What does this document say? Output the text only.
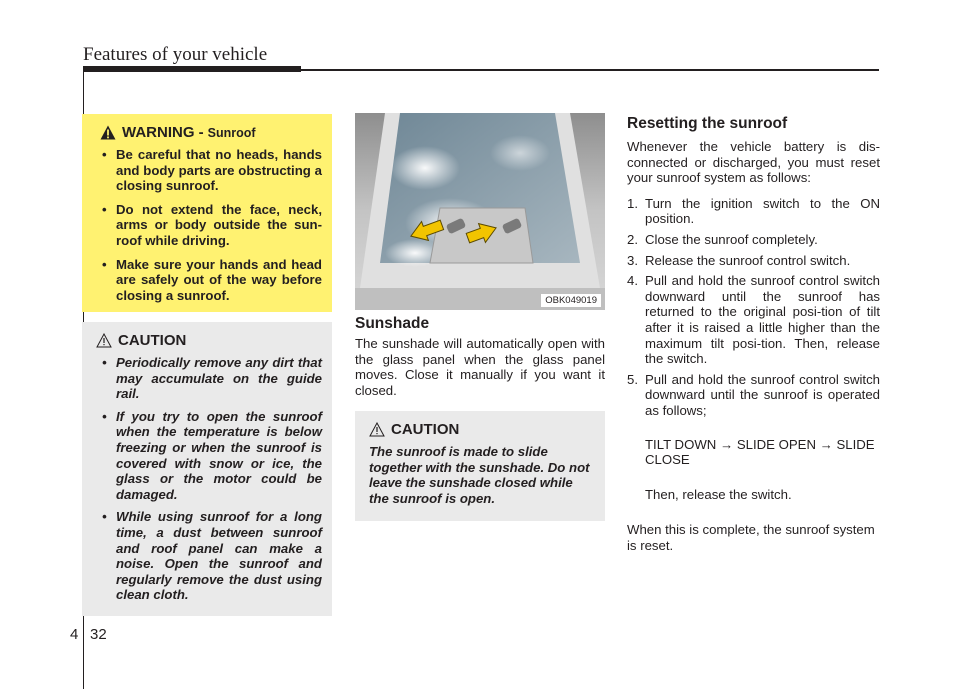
Features of your vehicle
4 32
WARNING - Sunroof
• Be careful that no heads, hands and body parts are obstructing a closing sunroof.
• Do not extend the face, neck, arms or body outside the sun-roof while driving.
• Make sure your hands and head are safely out of the way before closing a sunroof.
CAUTION
• Periodically remove any dirt that may accumulate on the guide rail.
• If you try to open the sunroof when the temperature is below freezing or when the sunroof is covered with snow or ice, the glass or the motor could be damaged.
• While using sunroof for a long time, a dust between sunroof and roof panel can make a noise. Open the sunroof and regularly remove the dust using clean cloth.
OBK049019
Sunshade
The sunshade will automatically open with the glass panel when the glass panel moves. Close it manually if you want it closed.
CAUTION
The sunroof is made to slide together with the sunshade. Do not leave the sunshade closed while the sunroof is open.
Resetting the sunroof
Whenever the vehicle battery is dis-connected or discharged, you must reset your sunroof system as follows:
1. Turn the ignition switch to the ON position.
2. Close the sunroof completely.
3. Release the sunroof control switch.
4. Pull and hold the sunroof control switch downward until the sunroof has returned to the original posi-tion of tilt after it is raised a little higher than the maximum tilt posi-tion. Then, release the switch.
5. Pull and hold the sunroof control switch downward until the sunroof is operated as follows;
TILT DOWN → SLIDE OPEN → SLIDE CLOSE
Then, release the switch.
When this is complete, the sunroof system is reset.
